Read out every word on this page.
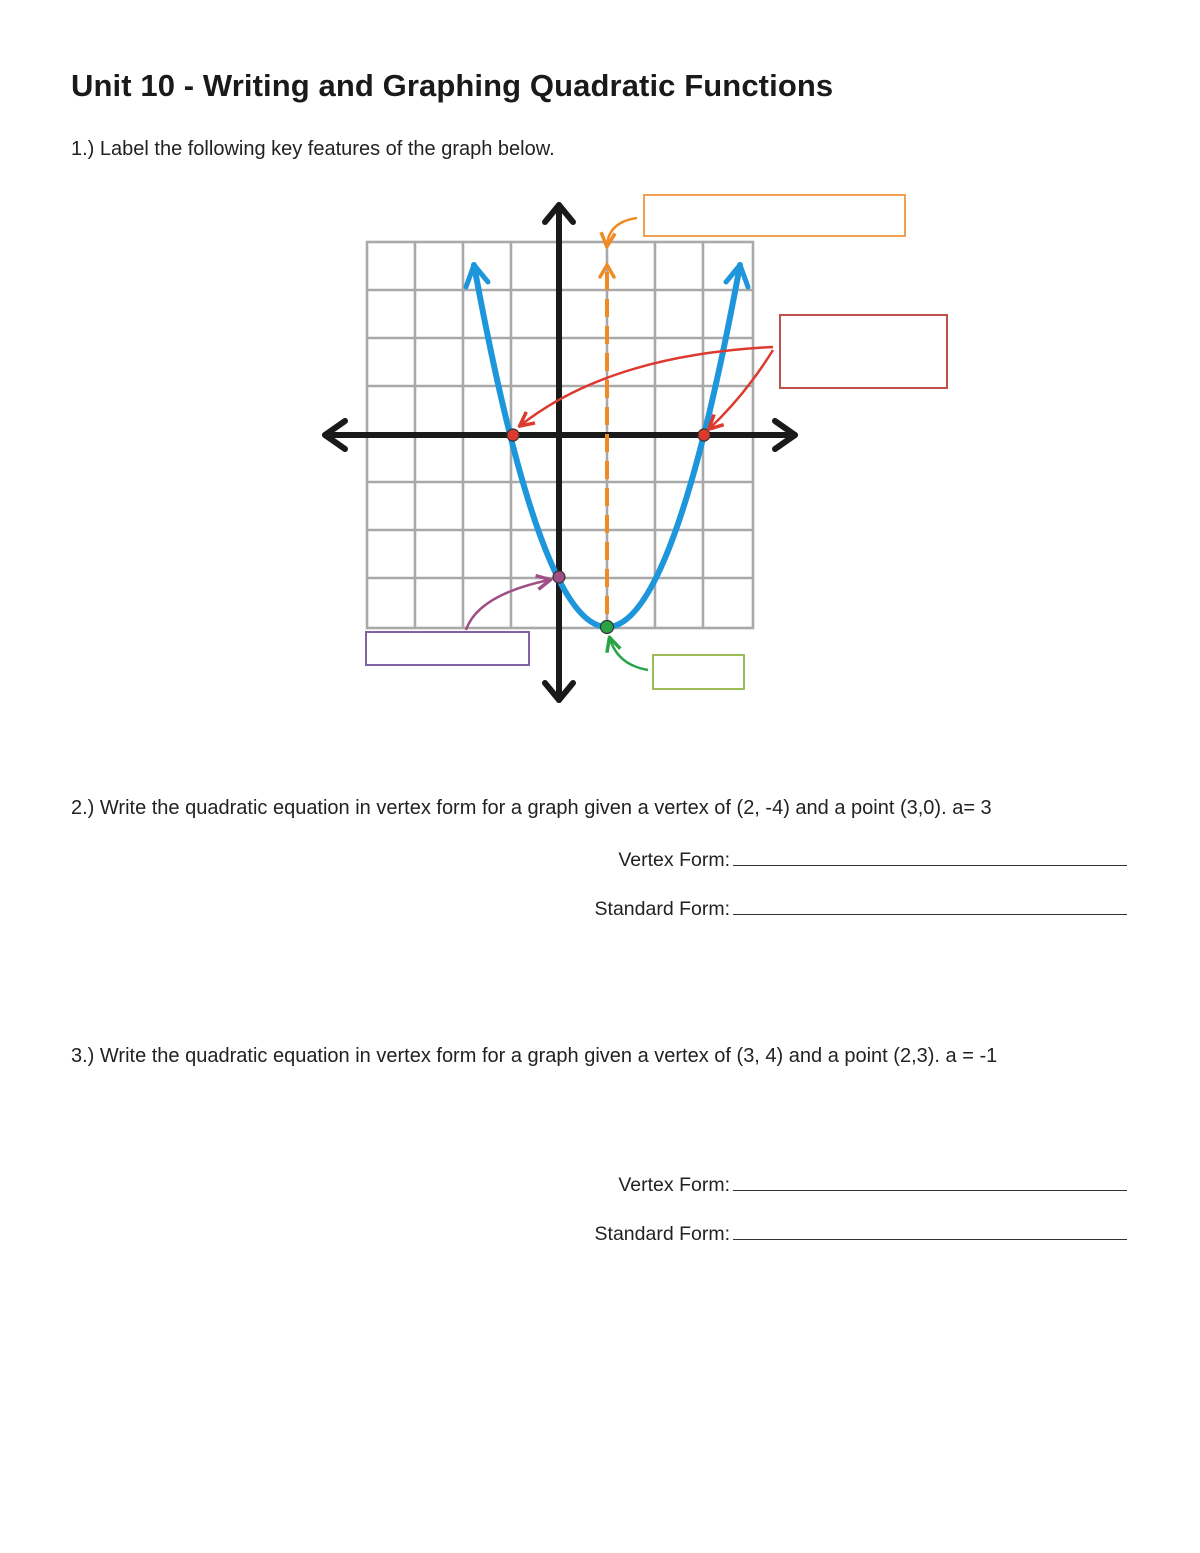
Unit 10 - Writing and Graphing Quadratic Functions
1.) Label the following key features of the graph below.
2.) Write the quadratic equation in vertex form for a graph given a vertex of (2, -4) and a point (3,0). a= 3
Vertex Form:
Standard Form:
3.) Write the quadratic equation in vertex form for a graph given a vertex of (3, 4) and a point (2,3). a = -1
Vertex Form:
Standard Form:
